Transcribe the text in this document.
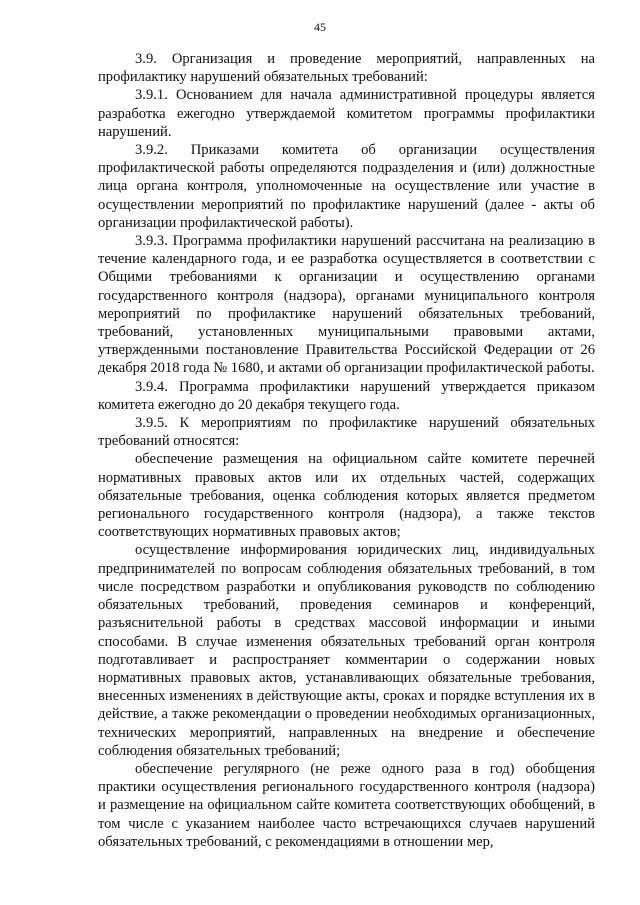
45

3.9. Организация и проведение мероприятий, направленных на профилактику нарушений обязательных требований:

3.9.1. Основанием для начала административной процедуры является разработка ежегодно утверждаемой комитетом программы профилактики нарушений.

3.9.2. Приказами комитета об организации осуществления профилактической работы определяются подразделения и (или) должностные лица органа контроля, уполномоченные на осуществление или участие в осуществлении мероприятий по профилактике нарушений (далее - акты об организации профилактической работы).

3.9.3. Программа профилактики нарушений рассчитана на реализацию в течение календарного года, и ее разработка осуществляется в соответствии с Общими требованиями к организации и осуществлению органами государственного контроля (надзора), органами муниципального контроля мероприятий по профилактике нарушений обязательных требований, требований, установленных муниципальными правовыми актами, утвержденными постановление Правительства Российской Федерации от 26 декабря 2018 года № 1680, и актами об организации профилактической работы.

3.9.4. Программа профилактики нарушений утверждается приказом комитета ежегодно до 20 декабря текущего года.

3.9.5. К мероприятиям по профилактике нарушений обязательных требований относятся:

обеспечение размещения на официальном сайте комитете перечней нормативных правовых актов или их отдельных частей, содержащих обязательные требования, оценка соблюдения которых является предметом регионального государственного контроля (надзора), а также текстов соответствующих нормативных правовых актов;

осуществление информирования юридических лиц, индивидуальных предпринимателей по вопросам соблюдения обязательных требований, в том числе посредством разработки и опубликования руководств по соблюдению обязательных требований, проведения семинаров и конференций, разъяснительной работы в средствах массовой информации и иными способами. В случае изменения обязательных требований орган контроля подготавливает и распространяет комментарии о содержании новых нормативных правовых актов, устанавливающих обязательные требования, внесенных изменениях в действующие акты, сроках и порядке вступления их в действие, а также рекомендации о проведении необходимых организационных, технических мероприятий, направленных на внедрение и обеспечение соблюдения обязательных требований;

обеспечение регулярного (не реже одного раза в год) обобщения практики осуществления регионального государственного контроля (надзора) и размещение на официальном сайте комитета соответствующих обобщений, в том числе с указанием наиболее часто встречающихся случаев нарушений обязательных требований, с рекомендациями в отношении мер,
